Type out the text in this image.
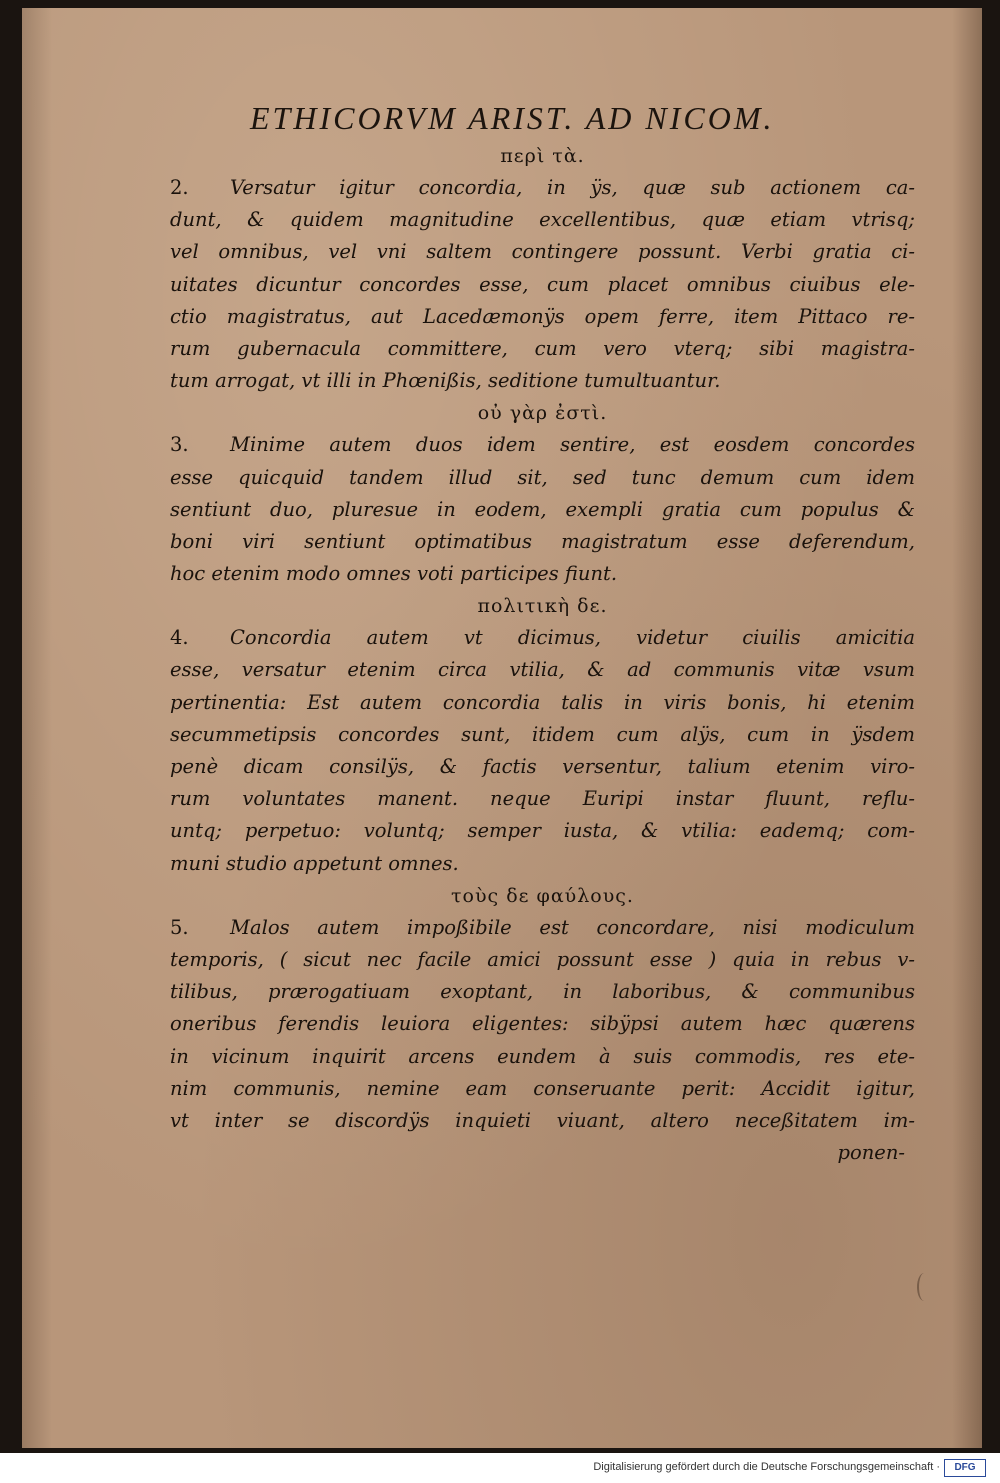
ETHICORVM ARIST. AD NICOM.
περὶ τὰ.
2. Versatur igitur concordia, in ÿs, quæ sub actionem ca-
dunt, & quidem magnitudine excellentibus, quæ etiam vtrisq;
vel omnibus, vel vni saltem contingere possunt. Verbi gratia ci-
uitates dicuntur concordes esse, cum placet omnibus ciuibus ele-
ctio magistratus, aut Lacedæmonÿs opem ferre, item Pittaco re-
rum gubernacula committere, cum vero vterq; sibi magistra-
tum arrogat, vt illi in Phœnißis, seditione tumultuantur.
οὐ γὰρ ἐστὶ.
3. Minime autem duos idem sentire, est eosdem concordes
esse quicquid tandem illud sit, sed tunc demum cum idem
sentiunt duo, pluresue in eodem, exempli gratia cum populus &
boni viri sentiunt optimatibus magistratum esse deferendum,
hoc etenim modo omnes voti participes fiunt.
πολιτικὴ δε.
4. Concordia autem vt dicimus, videtur ciuilis amicitia
esse, versatur etenim circa vtilia, & ad communis vitæ vsum
pertinentia: Est autem concordia talis in viris bonis, hi etenim
secummetipsis concordes sunt, itidem cum alÿs, cum in ÿsdem
penè dicam consilÿs, & factis versentur, talium etenim viro-
rum voluntates manent. neque Euripi instar fluunt, reflu-
untq; perpetuo: voluntq; semper iusta, & vtilia: eademq; com-
muni studio appetunt omnes.
τοὺς δε φαύλους.
5. Malos autem impoßibile est concordare, nisi modiculum
temporis, ( sicut nec facile amici possunt esse ) quia in rebus v-
tilibus, prærogatiuam exoptant, in laboribus, & communibus
oneribus ferendis leuiora eligentes: sibÿpsi autem hæc quærens
in vicinum inquirit arcens eundem à suis commodis, res ete-
nim communis, nemine eam conseruante perit: Accidit igitur,
vt inter se discordÿs inquieti viuant, altero neceßitatem im-
ponen-
Digitalisierung gefördert durch die Deutsche Forschungsgemeinschaft ·	DFG
